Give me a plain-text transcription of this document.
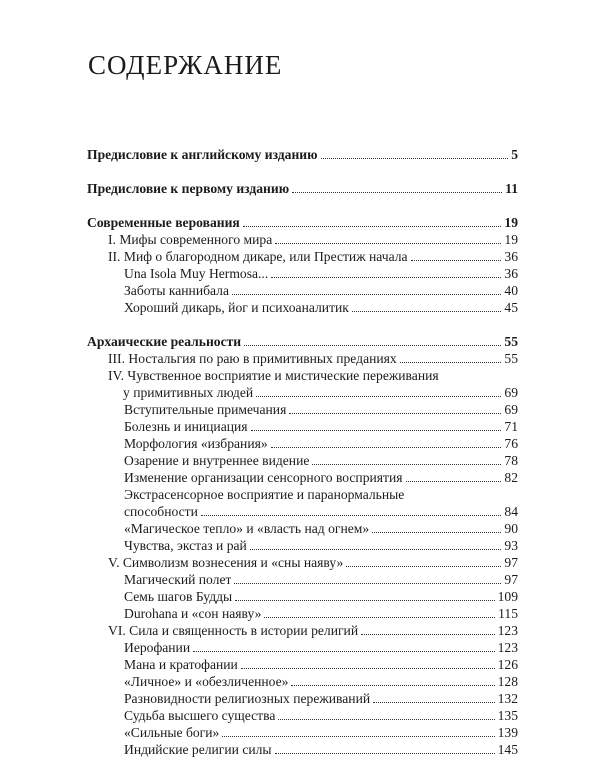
СОДЕРЖАНИЕ
Предисловие к английскому изданию	5
Предисловие к первому изданию	11
Современные верования	19
I. Мифы современного мира	19
II. Миф о благородном дикаре, или Престиж начала	36
Una Isola Muy Hermosa...	36
Заботы каннибала	40
Хороший дикарь, йог и психоаналитик	45
Архаические реальности	55
III. Ностальгия по раю в примитивных преданиях	55
IV. Чувственное восприятие и мистические переживания
у примитивных людей	69
Вступительные примечания	69
Болезнь и инициация	71
Морфология «избрания»	76
Озарение и внутреннее видение	78
Изменение организации сенсорного восприятия	82
Экстрасенсорное восприятие и паранормальные
способности	84
«Магическое тепло» и «власть над огнем»	90
Чувства, экстаз и рай	93
V. Символизм вознесения и «сны наяву»	97
Магический полет	97
Семь шагов Будды	109
Durohana и «сон наяву»	115
VI. Сила и священность в истории религий	123
Иерофании	123
Мана и кратофании	126
«Личное» и «обезличенное»	128
Разновидности религиозных переживаний	132
Судьба высшего существа	135
«Сильные боги»	139
Индийские религии силы	145
